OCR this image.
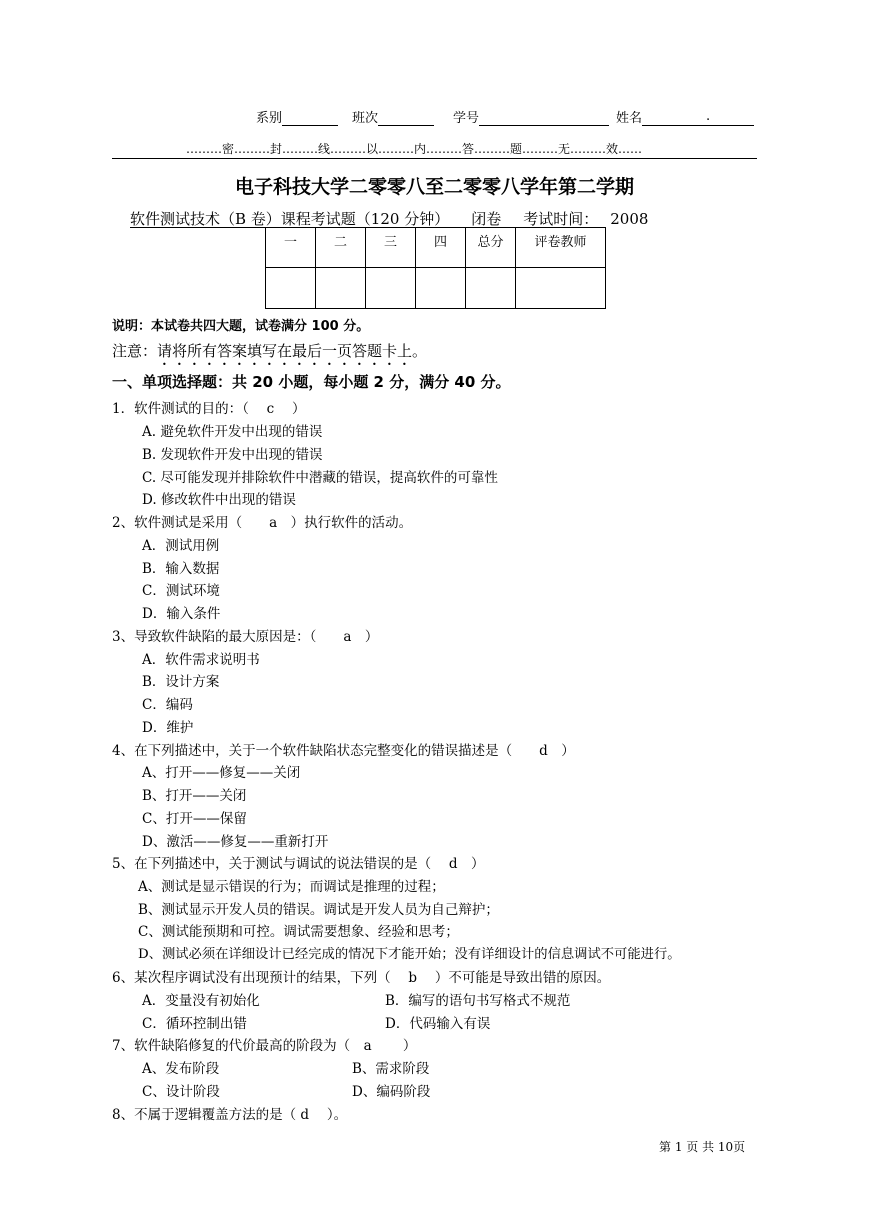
系别	班次	学号	姓名	.
………密………封………线………以………内………答………题………无………效……
电子科技大学二零零八至二零零八学年第二学期
软件测试技术（B 卷）课程考试题（120 分钟） 闭卷 考试时间： 2008
一	二	三	四	总分	评卷教师

说明：本试卷共四大题，试卷满分 100 分。
注意：请将所有答案填写在最后一页答题卡上。
一、单项选择题：共 20 小题，每小题 2 分，满分 40 分。
1．软件测试的目的：（　 c　 ）
A. 避免软件开发中出现的错误
B. 发现软件开发中出现的错误
C. 尽可能发现并排除软件中潜藏的错误，提高软件的可靠性
D. 修改软件中出现的错误
2、软件测试是采用（　　a　）执行软件的活动。
A．测试用例
B．输入数据
C．测试环境
D．输入条件
3、导致软件缺陷的最大原因是：（　　a　）
A．软件需求说明书
B．设计方案
C．编码
D．维护
4、在下列描述中，关于一个软件缺陷状态完整变化的错误描述是（　　d　）
A、打开——修复——关闭
B、打开——关闭
C、打开——保留
D、激活——修复——重新打开
5、在下列描述中，关于测试与调试的说法错误的是（　 d　）
A、测试是显示错误的行为；而调试是推理的过程；
B、测试显示开发人员的错误。调试是开发人员为自己辩护；
C、测试能预期和可控。调试需要想象、经验和思考；
D、测试必须在详细设计已经完成的情况下才能开始；没有详细设计的信息调试不可能进行。
6、某次程序调试没有出现预计的结果，下列（　 b　 ）不可能是导致出错的原因。
A．变量没有初始化	B．编写的语句书写格式不规范
C．循环控制出错	D．代码输入有误
7、软件缺陷修复的代价最高的阶段为（　a　　 ）
A、发布阶段	B、需求阶段
C、设计阶段	D、编码阶段
8、不属于逻辑覆盖方法的是（ d　 ）。
第 1 页 共 10页
